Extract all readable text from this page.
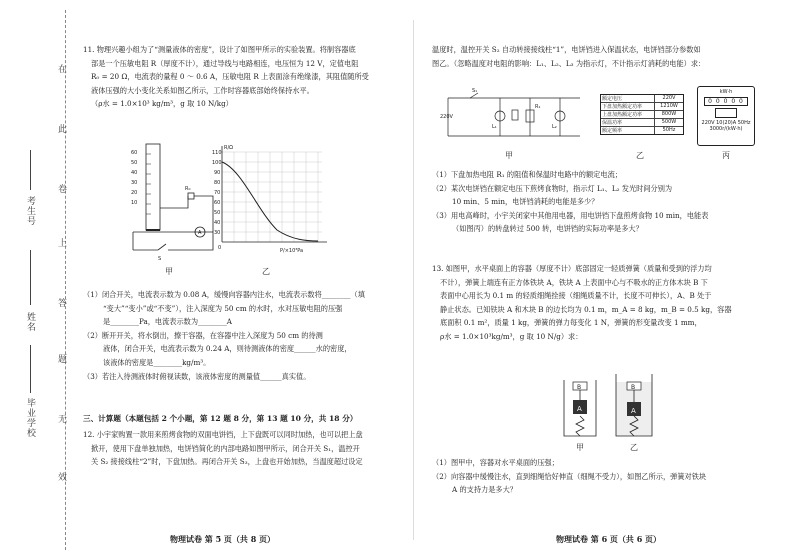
在
此
卷
上
答
题
无
效
考生号
姓名
毕业学校

11. 物理兴趣小组为了“测量液体的密度”，设计了如图甲所示的实验装置。将制容器底

部是一个压敏电阻 R（厚度不计），通过导线与电路相连，电压恒为 12 V，定值电阻

R₀ = 20 Ω，电流表的量程 0 ～ 0.6 A，压敏电阻 R 上表面涂有绝缘漆，其阻值随所受

液体压强的大小变化关系如图乙所示，工作时容器底部始终保持水平。

（ρ水 = 1.0×10³ kg/m³，g 取 10 N/kg）

60
50
40
30
20
10
R₀
A
S
甲
R/Ω
110
100
90
80
70
60
50
40
30
0	P/×10³Pa
乙

（1）闭合开关，电流表示数为 0.08 A，缓慢向容器内注水，电流表示数将________（填

“变大”“变小”或“不变”），注入深度为 50 cm 的水时，水对压敏电阻的压强

是________Pa，电流表示数为________A

（2）断开开关，将水倒出，擦干容器，在容器中注入深度为 50 cm 的待测

液体，闭合开关，电流表示数为 0.24 A，则待测液体的密度______水的密度，

该液体的密度是________kg/m³。

（3）若注入待测液体时俯视读数，该液体密度的测量值______真实值。

三、计算题（本题包括 2 个小题，第 12 题 8 分，第 13 题 10 分，共 18 分）

12. 小宇家购置一款用来煎烤食物的双面电饼铛，上下盘既可以同时加热，也可以把上盘

掀开，使用下盘单独加热，电饼铛简化的内部电路如图甲所示，闭合开关 S₁，温控开

关 S₂ 接接线柱“2”时，下盘加热。再闭合开关 S₃，上盘也开始加热，当温度超过设定

物理试卷 第 5 页（共 8 页）

温度时，温控开关 S₂ 自动转接接线柱“1”，电饼铛进入保温状态，电饼铛部分参数如

图乙。（忽略温度对电阻的影响：L₁、L₂、L₃ 为指示灯，不计指示灯消耗的电能）求：

220V
S₁
L₁	L₂
R₁
甲
额定电压	220V
下盘加热额定功率	1210W
上盘加热额定功率	800W
保温功率	500W
额定频率	50Hz
乙
kW·h
0 0 0 0 0
220V 10(20)A 50Hz
3000r/(kW·h)
丙

（1）下盘加热电阻 R₁ 的阻值和保温时电路中的额定电流；

（2）某次电饼铛在额定电压下煎烤食物时，指示灯 L₁、L₂ 发光时间分别为

10 min、5 min，电饼铛消耗的电能是多少？

（3）用电高峰时，小宇关闭家中其他用电器，用电饼铛下盘煎烤食物 10 min，电能表

（如图丙）的转盘转过 500 转，电饼铛的实际功率是多大？

13. 如图甲，水平桌面上的容器（厚度不计）底部固定一轻质弹簧（质量和受到的浮力均

不计），弹簧上端连有正方体铁块 A，铁块 A 上表面中心与不吸水的正方体木块 B 下

表面中心用长为 0.1 m 的轻质细绳拴接（细绳质量不计，长度不可伸长），A、B 处于

静止状态。已知铁块 A 和木块 B 的边长均为 0.1 m，m_A = 8 kg，m_B = 0.5 kg，容器

底面积 0.1 m²，质量 1 kg，弹簧的弹力每变化 1 N，弹簧的形变量改变 1 mm，

ρ水 = 1.0×10³kg/m³，g 取 10 N/g）求：

A
B
甲
A
B
乙

（1）图甲中，容器对水平桌面的压强；

（2）向容器中缓慢注水，直到细绳恰好伸直（细绳不受力），如图乙所示，弹簧对铁块

A 的支持力是多大？

物理试卷 第 6 页（共 6 页）
